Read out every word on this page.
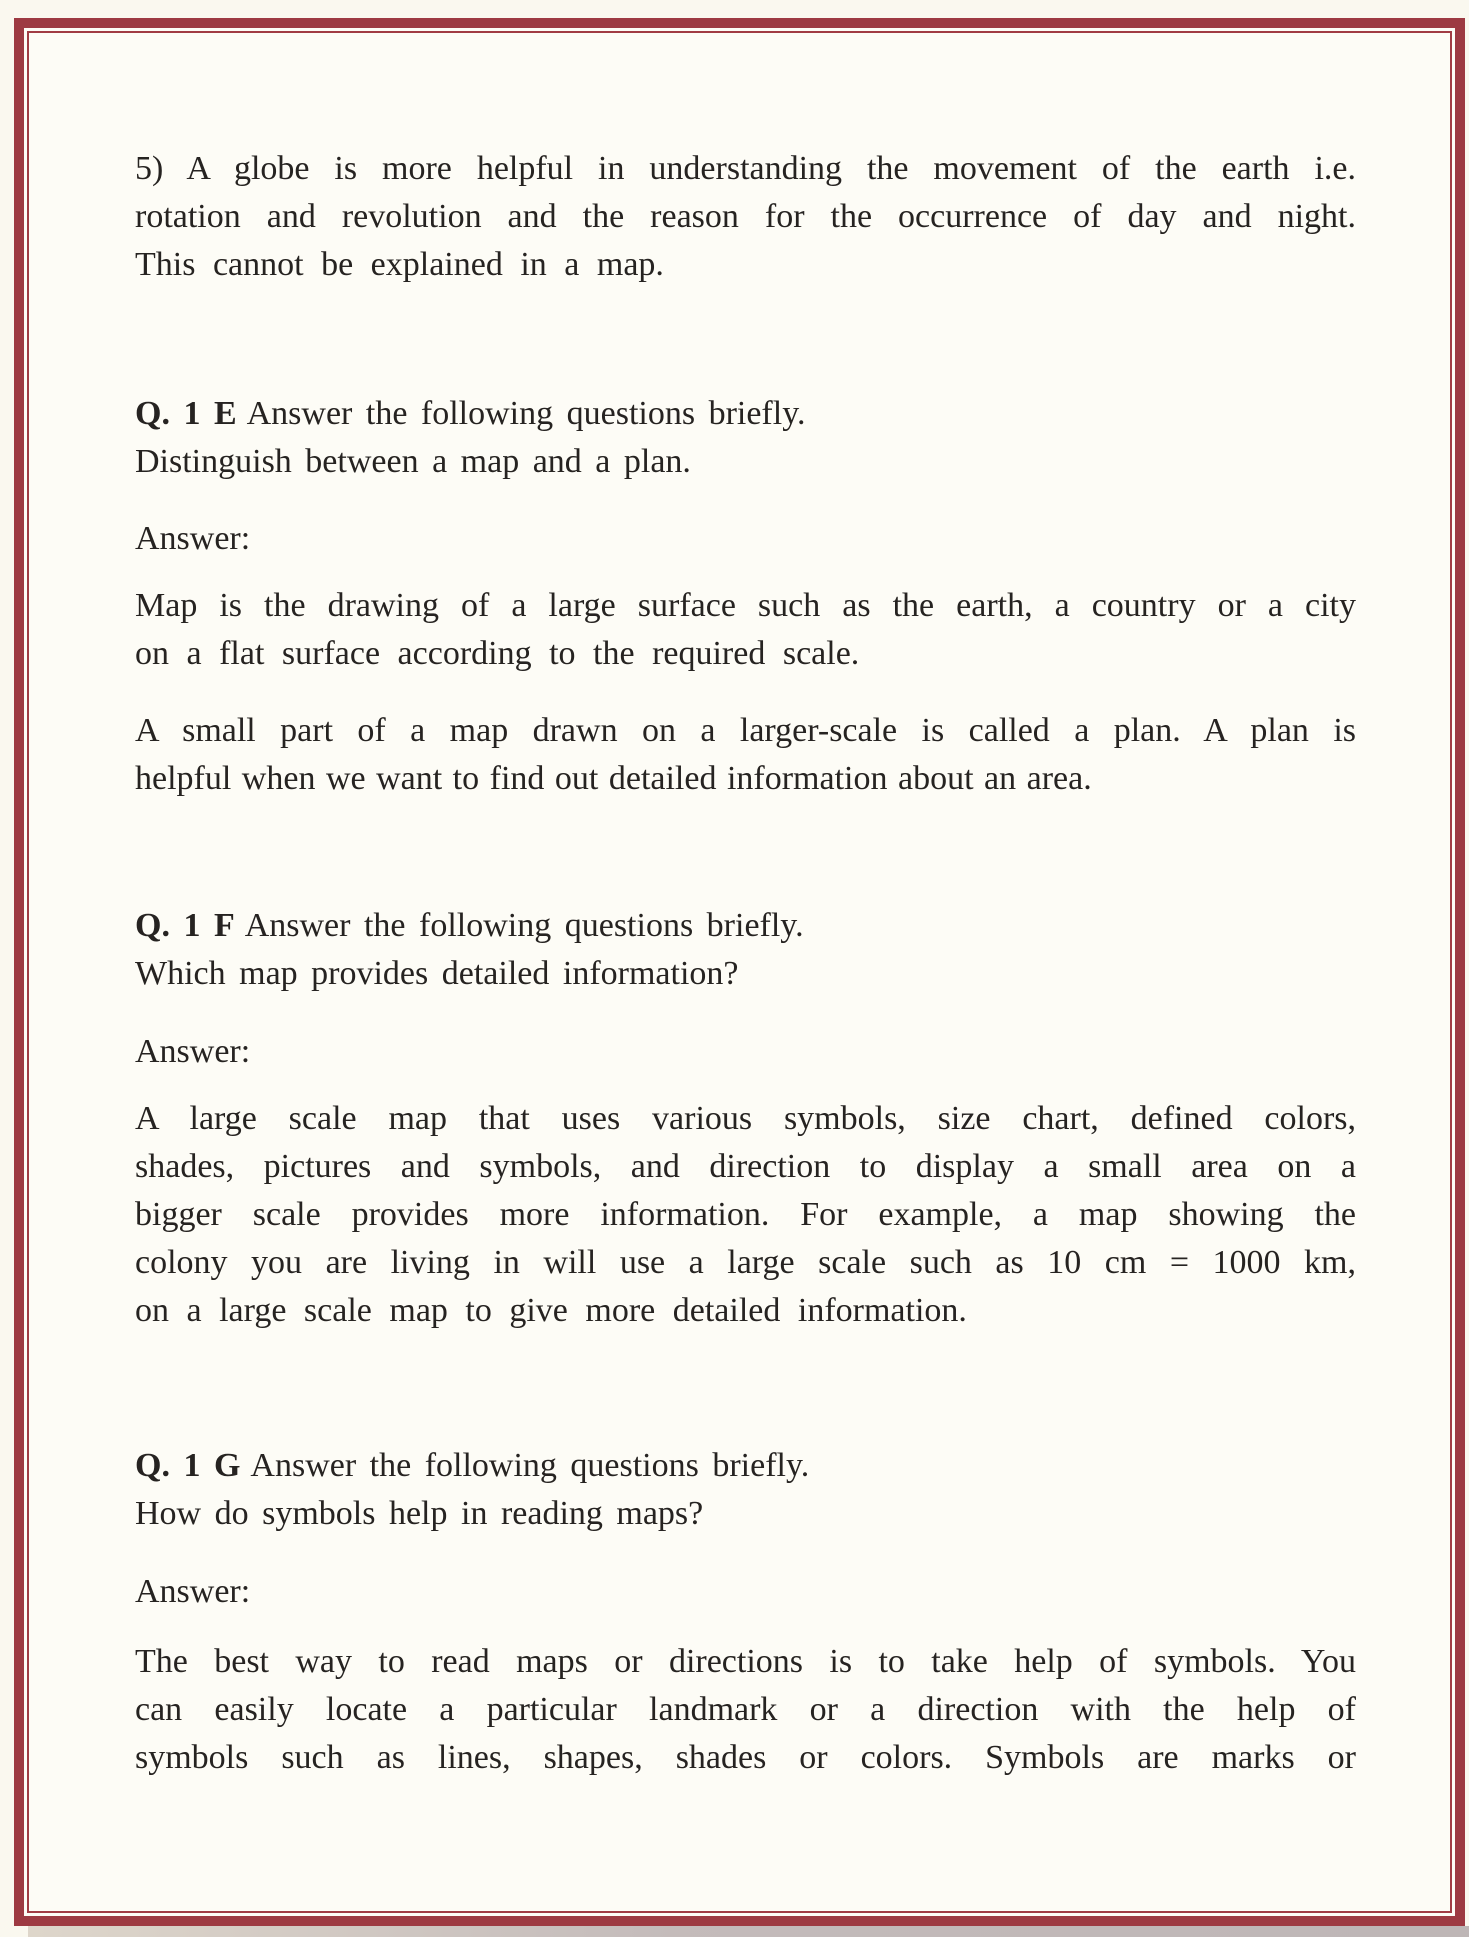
5) A globe is more helpful in understanding the movement of the earth i.e.
rotation and revolution and the reason for the occurrence of day and night.
This cannot be explained in a map.
Q. 1 E Answer the following questions briefly.
Distinguish between a map and a plan.
Answer:
Map is the drawing of a large surface such as the earth, a country or a city
on a flat surface according to the required scale.
A small part of a map drawn on a larger-scale is called a plan. A plan is
helpful when we want to find out detailed information about an area.
Q. 1 F Answer the following questions briefly.
Which map provides detailed information?
Answer:
A large scale map that uses various symbols, size chart, defined colors,
shades, pictures and symbols, and direction to display a small area on a
bigger scale provides more information. For example, a map showing the
colony you are living in will use a large scale such as 10 cm = 1000 km,
on a large scale map to give more detailed information.
Q. 1 G Answer the following questions briefly.
How do symbols help in reading maps?
Answer:
The best way to read maps or directions is to take help of symbols. You
can easily locate a particular landmark or a direction with the help of
symbols such as lines, shapes, shades or colors. Symbols are marks or
